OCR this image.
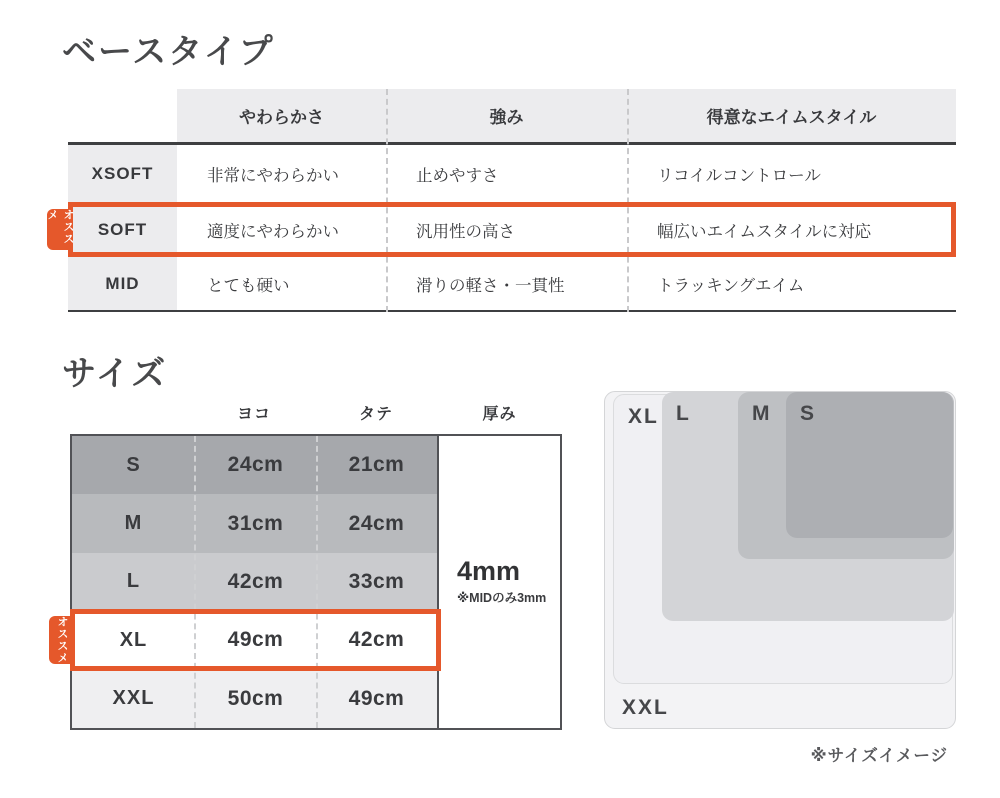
ベースタイプ
やわらかさ	強み	得意なエイムスタイル
XSOFT	非常にやわらかい	止めやすさ	リコイルコントロール
SOFT	適度にやわらかい	汎用性の高さ	幅広いエイムスタイルに対応
MID	とても硬い	滑りの軽さ・一貫性	トラッキングエイム
オススメ
サイズ
ヨコ	タテ	厚み
S	24cm	21cm
M	31cm	24cm
L	42cm	33cm
XL	49cm	42cm
XXL	50cm	49cm
4mm
※MIDのみ3mm
オススメ
XXL
XL L	M S
※サイズイメージ
